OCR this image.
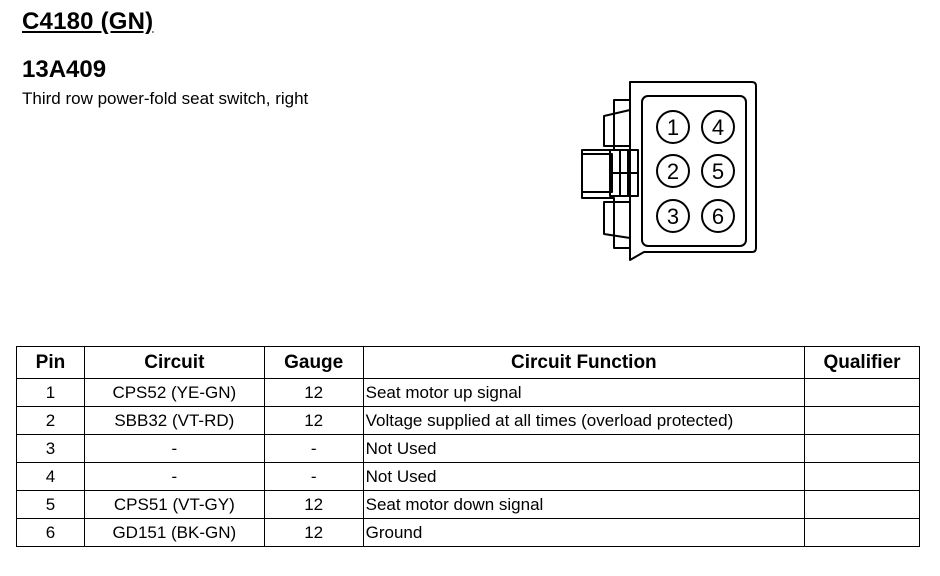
C4180 (GN)
13A409
Third row power-fold seat switch, right
1 4
2 5
3 6
Pin	Circuit	Gauge	Circuit Function	Qualifier
1	CPS52 (YE-GN)	12	Seat motor up signal	
2	SBB32 (VT-RD)	12	Voltage supplied at all times (overload protected)	
3	-	-	Not Used	
4	-	-	Not Used	
5	CPS51 (VT-GY)	12	Seat motor down signal	
6	GD151 (BK-GN)	12	Ground	
